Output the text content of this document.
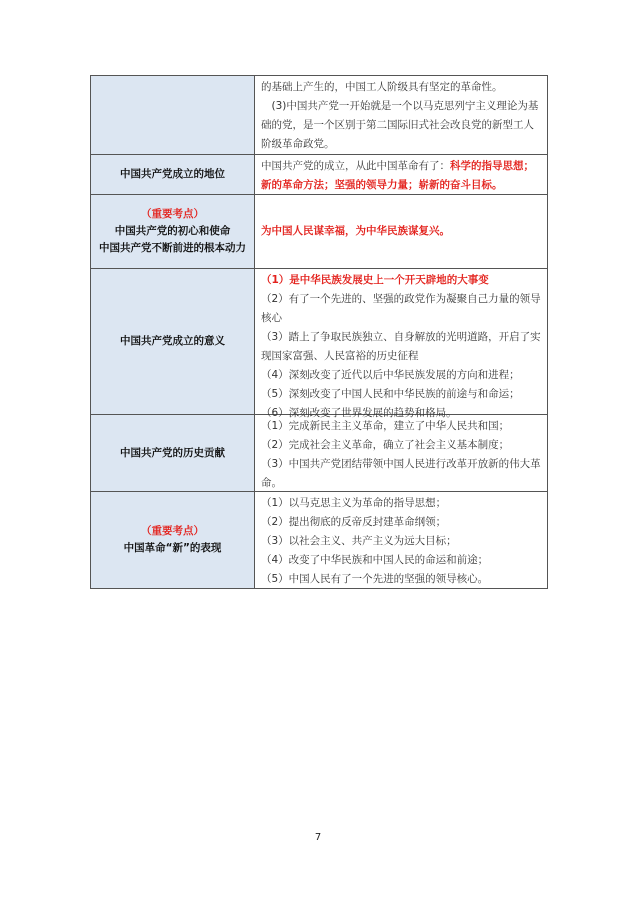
的基础上产生的，中国工人阶级具有坚定的革命性。

(3)中国共产党一开始就是一个以马克思列宁主义理论为基础的党，是一个区别于第二国际旧式社会改良党的新型工人阶级革命政党。

中国共产党成立的地位

中国共产党的成立，从此中国革命有了：科学的指导思想；新的革命方法；坚强的领导力量；崭新的奋斗目标。

（重要考点）
中国共产党的初心和使命
中国共产党不断前进的根本动力

为中国人民谋幸福，为中华民族谋复兴。

中国共产党成立的意义

（1）是中华民族发展史上一个开天辟地的大事变

（2）有了一个先进的、坚强的政党作为凝聚自己力量的领导核心

（3）踏上了争取民族独立、自身解放的光明道路，开启了实现国家富强、人民富裕的历史征程

（4）深刻改变了近代以后中华民族发展的方向和进程；

（5）深刻改变了中国人民和中华民族的前途与和命运；

（6）深刻改变了世界发展的趋势和格局。

中国共产党的历史贡献

（1）完成新民主主义革命，建立了中华人民共和国；

（2）完成社会主义革命，确立了社会主义基本制度；

（3）中国共产党团结带领中国人民进行改革开放新的伟大革命。

（重要考点）
中国革命“新”的表现

（1）以马克思主义为革命的指导思想；

（2）提出彻底的反帝反封建革命纲领；

（3）以社会主义、共产主义为远大目标；

（4）改变了中华民族和中国人民的命运和前途；

（5）中国人民有了一个先进的坚强的领导核心。

7
